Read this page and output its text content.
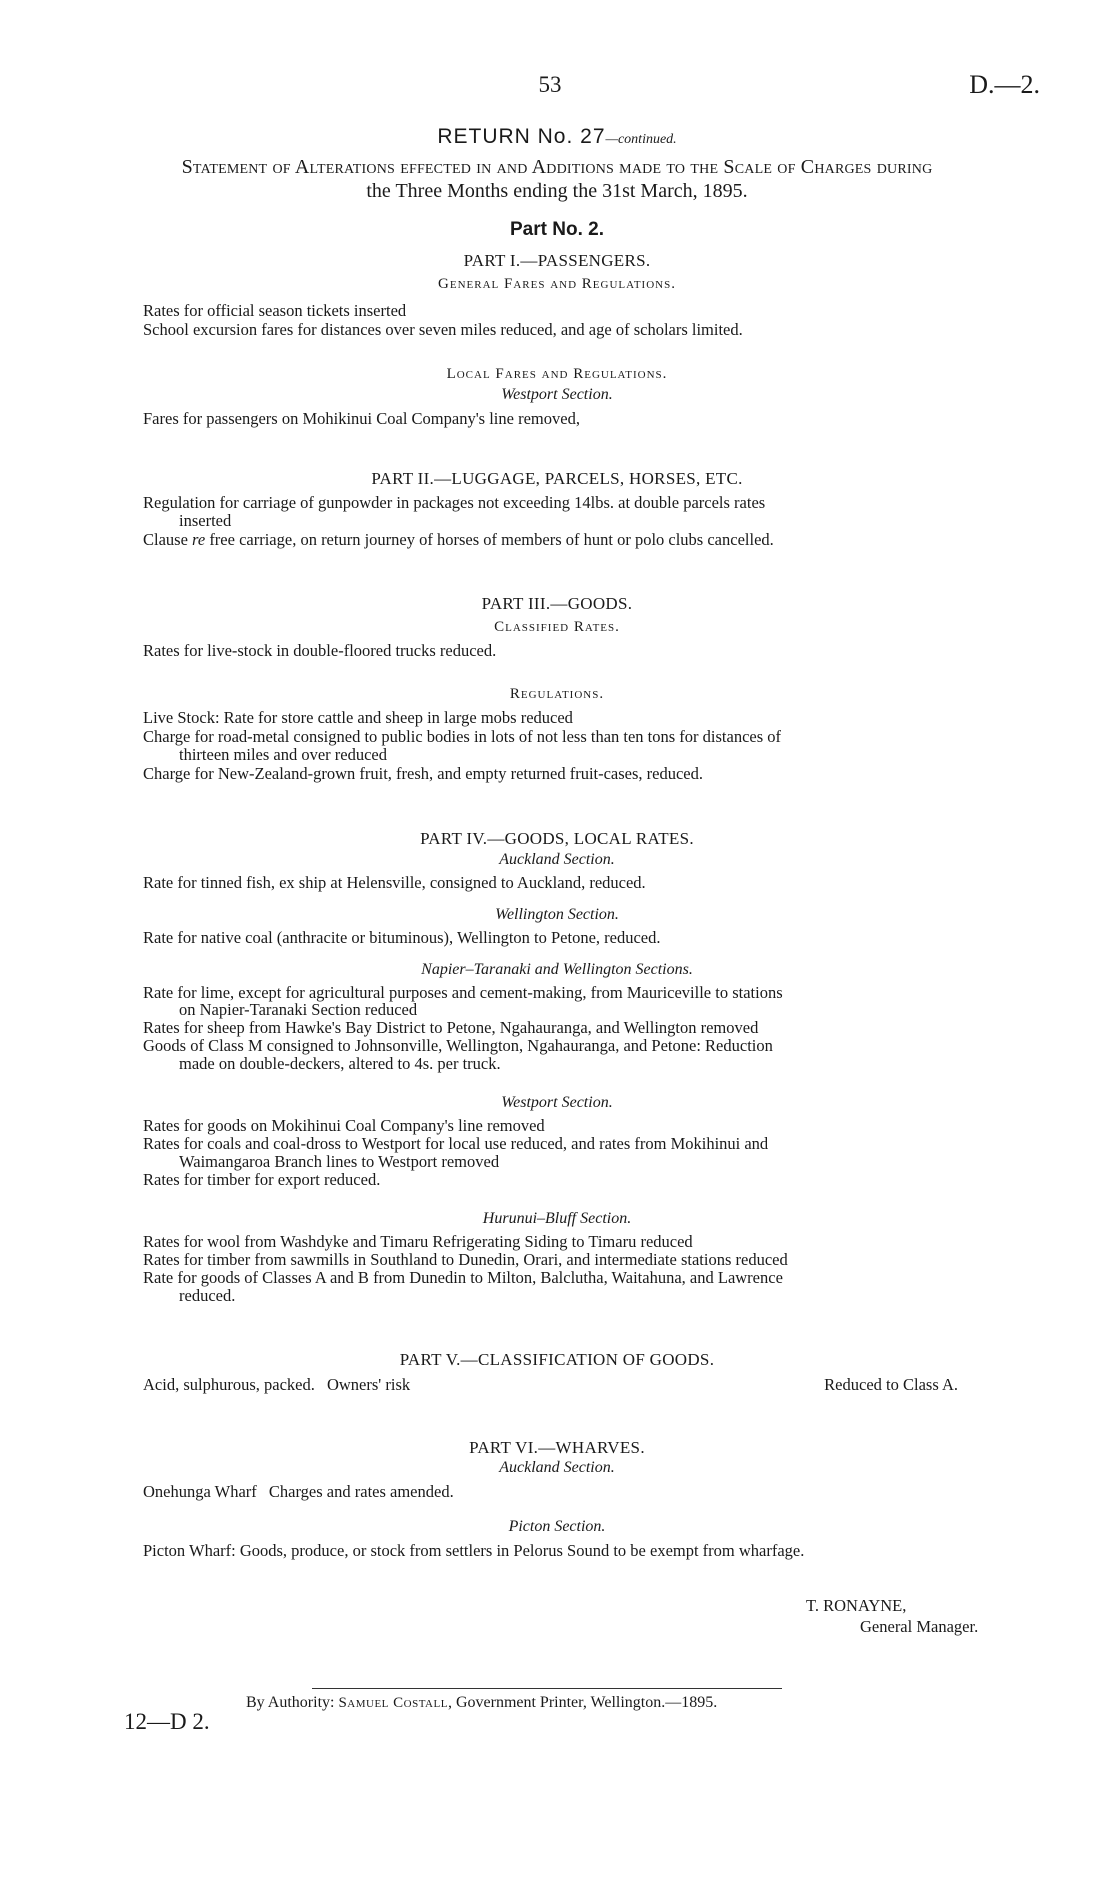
53	D.—2.
RETURN No. 27—continued.
Statement of Alterations effected in and Additions made to the Scale of Charges during
the Three Months ending the 31st March, 1895.
Part No. 2.
PART I.—PASSENGERS.
General Fares and Regulations.
Rates for official season tickets inserted
School excursion fares for distances over seven miles reduced, and age of scholars limited.
Local Fares and Regulations.
Westport Section.
Fares for passengers on Mohikinui Coal Company's line removed,
PART II.—LUGGAGE, PARCELS, HORSES, ETC.
Regulation for carriage of gunpowder in packages not exceeding 14lbs. at double parcels rates
inserted
Clause re free carriage, on return journey of horses of members of hunt or polo clubs cancelled.
PART III.—GOODS.
Classified Rates.
Rates for live-stock in double-floored trucks reduced.
Regulations.
Live Stock: Rate for store cattle and sheep in large mobs reduced
Charge for road-metal consigned to public bodies in lots of not less than ten tons for distances of
thirteen miles and over reduced
Charge for New-Zealand-grown fruit, fresh, and empty returned fruit-cases, reduced.
PART IV.—GOODS, LOCAL RATES.
Auckland Section.
Rate for tinned fish, ex ship at Helensville, consigned to Auckland, reduced.
Wellington Section.
Rate for native coal (anthracite or bituminous), Wellington to Petone, reduced.
Napier–Taranaki and Wellington Sections.
Rate for lime, except for agricultural purposes and cement-making, from Mauriceville to stations
on Napier-Taranaki Section reduced
Rates for sheep from Hawke's Bay District to Petone, Ngahauranga, and Wellington removed
Goods of Class M consigned to Johnsonville, Wellington, Ngahauranga, and Petone: Reduction
made on double-deckers, altered to 4s. per truck.
Westport Section.
Rates for goods on Mokihinui Coal Company's line removed
Rates for coals and coal-dross to Westport for local use reduced, and rates from Mokihinui and
Waimangaroa Branch lines to Westport removed
Rates for timber for export reduced.
Hurunui–Bluff Section.
Rates for wool from Washdyke and Timaru Refrigerating Siding to Timaru reduced
Rates for timber from sawmills in Southland to Dunedin, Orari, and intermediate stations reduced
Rate for goods of Classes A and B from Dunedin to Milton, Balclutha, Waitahuna, and Lawrence
reduced.
PART V.—CLASSIFICATION OF GOODS.
Acid, sulphurous, packed. Owners' risk	Reduced to Class A.
PART VI.—WHARVES.
Auckland Section.
Onehunga Wharf Charges and rates amended.
Picton Section.
Picton Wharf: Goods, produce, or stock from settlers in Pelorus Sound to be exempt from wharfage.
T. RONAYNE,
General Manager.
By Authority: Samuel Costall, Government Printer, Wellington.—1895.
12—D 2.
